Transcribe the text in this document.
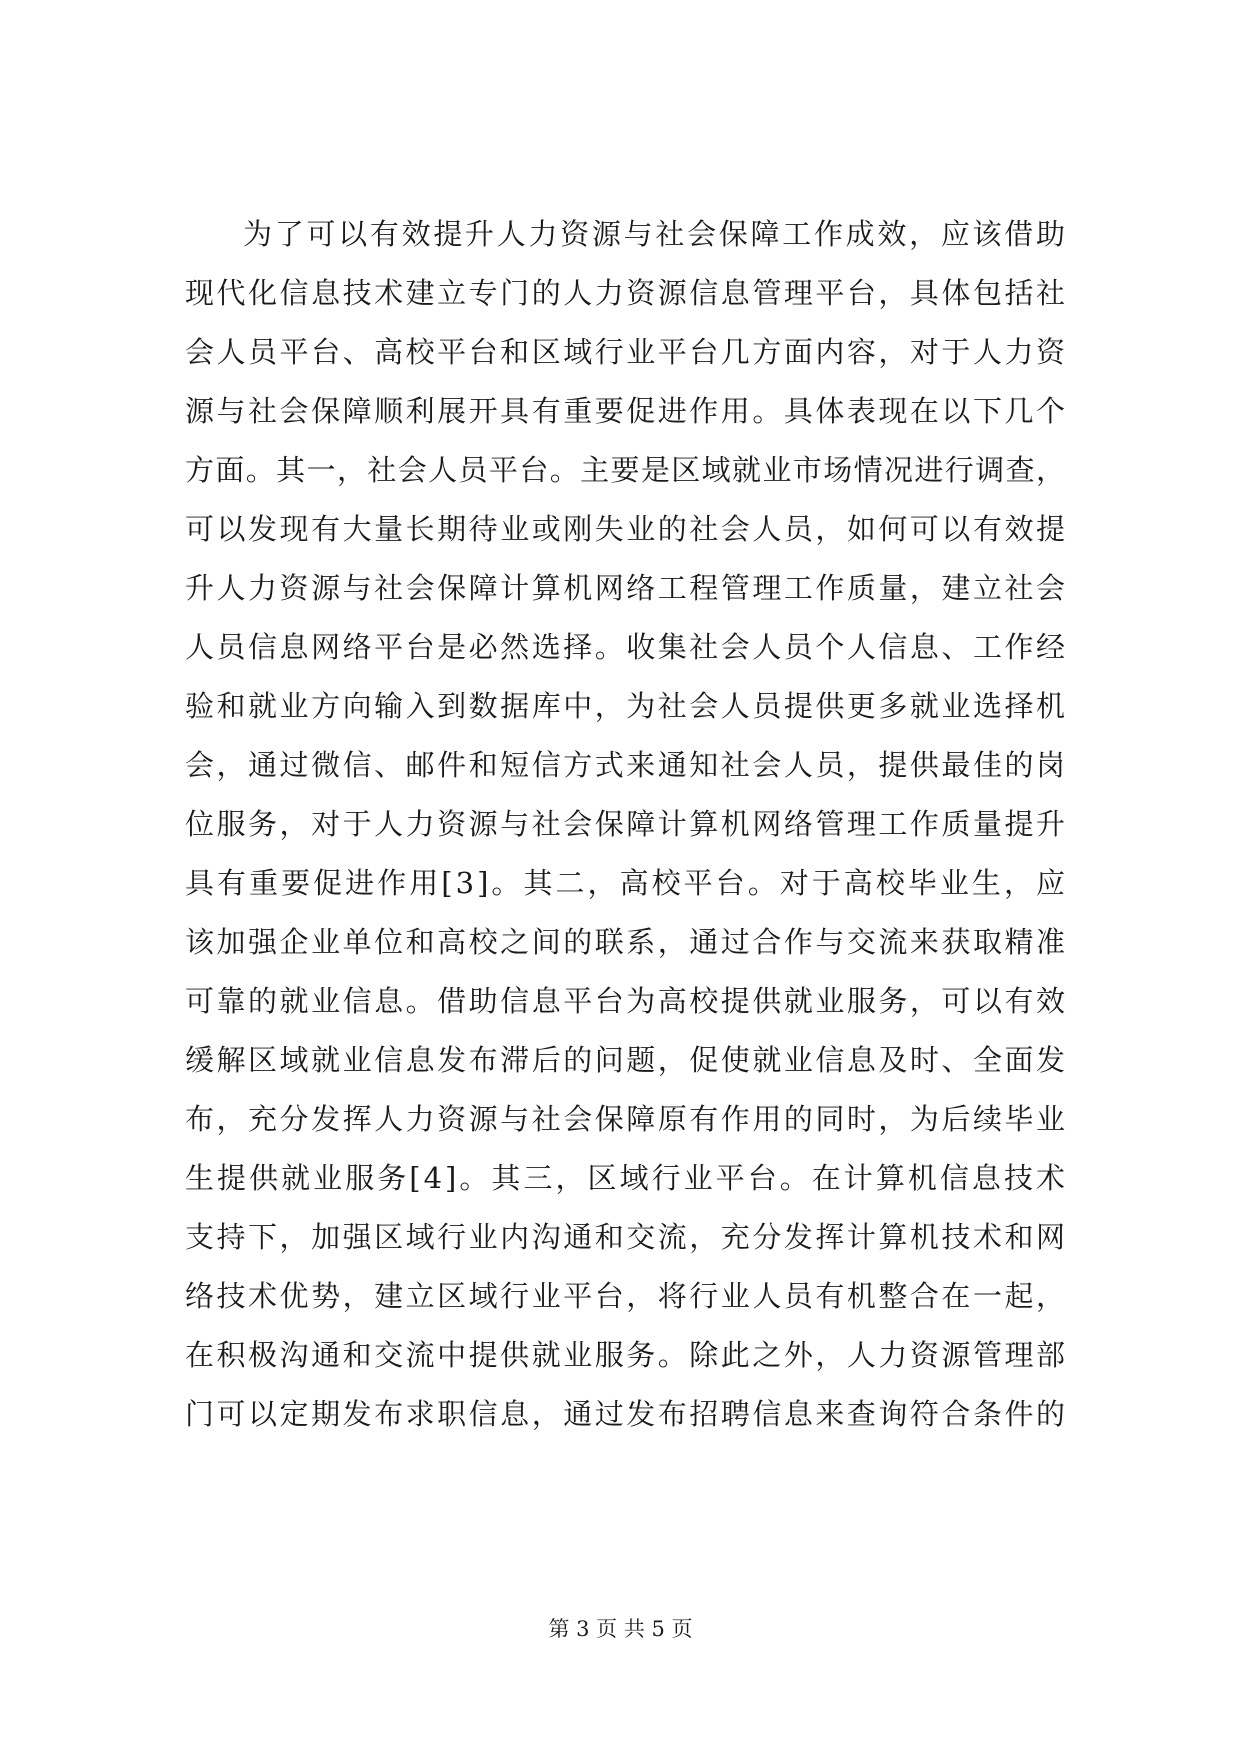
为了可以有效提升人力资源与社会保障工作成效，应该借助
现代化信息技术建立专门的人力资源信息管理平台，具体包括社
会人员平台、高校平台和区域行业平台几方面内容，对于人力资
源与社会保障顺利展开具有重要促进作用。具体表现在以下几个
方面。其一，社会人员平台。主要是区域就业市场情况进行调查，
可以发现有大量长期待业或刚失业的社会人员，如何可以有效提
升人力资源与社会保障计算机网络工程管理工作质量，建立社会
人员信息网络平台是必然选择。收集社会人员个人信息、工作经
验和就业方向输入到数据库中，为社会人员提供更多就业选择机
会，通过微信、邮件和短信方式来通知社会人员，提供最佳的岗
位服务，对于人力资源与社会保障计算机网络管理工作质量提升
具有重要促进作用[3]。其二，高校平台。对于高校毕业生，应
该加强企业单位和高校之间的联系，通过合作与交流来获取精准
可靠的就业信息。借助信息平台为高校提供就业服务，可以有效
缓解区域就业信息发布滞后的问题，促使就业信息及时、全面发
布，充分发挥人力资源与社会保障原有作用的同时，为后续毕业
生提供就业服务[4]。其三，区域行业平台。在计算机信息技术
支持下，加强区域行业内沟通和交流，充分发挥计算机技术和网
络技术优势，建立区域行业平台，将行业人员有机整合在一起，
在积极沟通和交流中提供就业服务。除此之外，人力资源管理部
门可以定期发布求职信息，通过发布招聘信息来查询符合条件的
第 3 页 共 5 页
